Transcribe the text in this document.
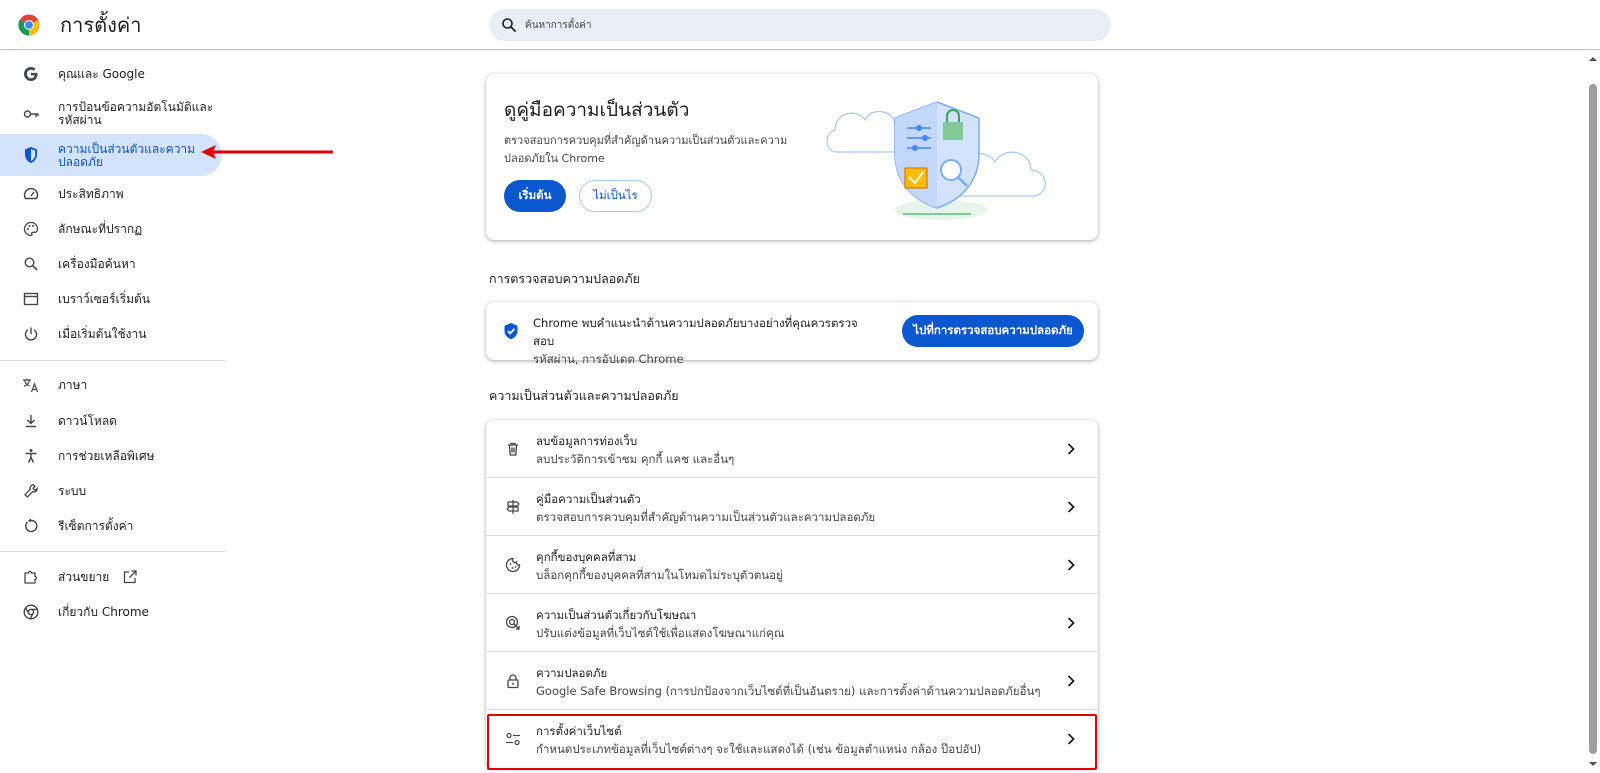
การตั้งค่า
ค้นหาการตั้งค่า
คุณและ Google
การป้อนข้อความอัตโนมัติและ
รหัสผ่าน
ความเป็นส่วนตัวและความ
ปลอดภัย
ประสิทธิภาพ
ลักษณะที่ปรากฏ
เครื่องมือค้นหา
เบราว์เซอร์เริ่มต้น
เมื่อเริ่มต้นใช้งาน
ภาษา
ดาวน์โหลด
การช่วยเหลือพิเศษ
ระบบ
รีเซ็ตการตั้งค่า
ส่วนขยาย
เกี่ยวกับ Chrome
ดูคู่มือความเป็นส่วนตัว
ตรวจสอบการควบคุมที่สำคัญด้านความเป็นส่วนตัวและความปลอดภัยใน Chrome
เริ่มต้น	ไม่เป็นไร
การตรวจสอบความปลอดภัย
Chrome พบคำแนะนำด้านความปลอดภัยบางอย่างที่คุณควรตรวจสอบ
รหัสผ่าน, การอัปเดต Chrome
ไปที่การตรวจสอบความปลอดภัย
ความเป็นส่วนตัวและความปลอดภัย
ลบข้อมูลการท่องเว็บ
ลบประวัติการเข้าชม คุกกี้ แคช และอื่นๆ
คู่มือความเป็นส่วนตัว
ตรวจสอบการควบคุมที่สำคัญด้านความเป็นส่วนตัวและความปลอดภัย
คุกกี้ของบุคคลที่สาม
บล็อกคุกกี้ของบุคคลที่สามในโหมดไม่ระบุตัวตนอยู่
ความเป็นส่วนตัวเกี่ยวกับโฆษณา
ปรับแต่งข้อมูลที่เว็บไซต์ใช้เพื่อแสดงโฆษณาแก่คุณ
ความปลอดภัย
Google Safe Browsing (การปกป้องจากเว็บไซต์ที่เป็นอันตราย) และการตั้งค่าด้านความปลอดภัยอื่นๆ
การตั้งค่าเว็บไซต์
กำหนดประเภทข้อมูลที่เว็บไซต์ต่างๆ จะใช้และแสดงได้ (เช่น ข้อมูลตำแหน่ง กล้อง ป๊อปอัป)
